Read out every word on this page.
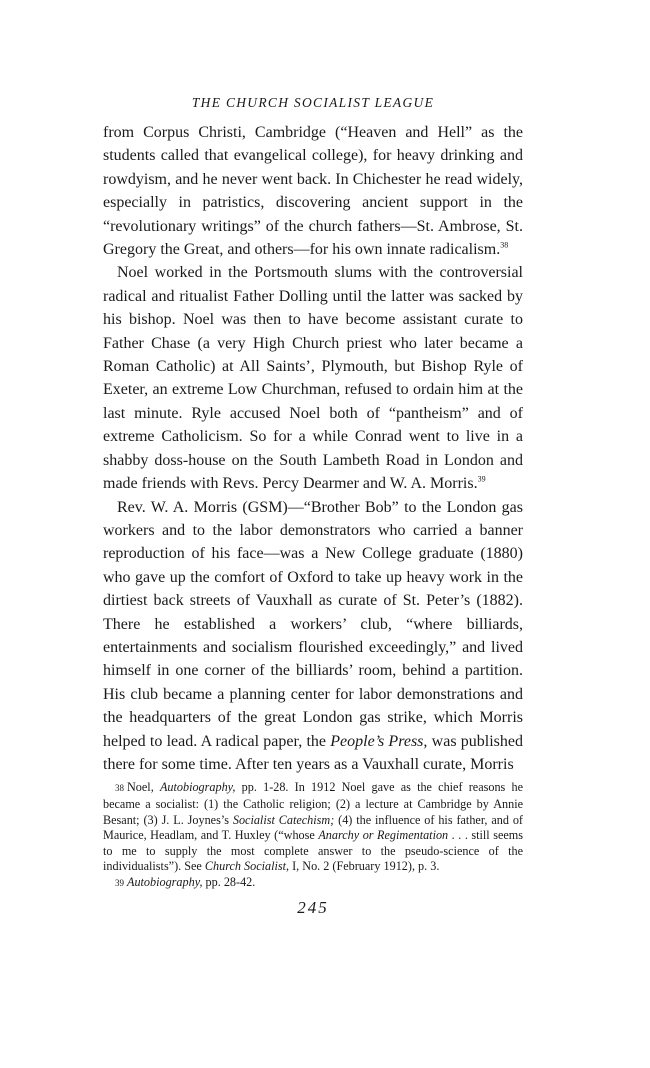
THE CHURCH SOCIALIST LEAGUE

from Corpus Christi, Cambridge (“Heaven and Hell” as the students called that evangelical college), for heavy drinking and rowdyism, and he never went back. In Chichester he read widely, especially in patristics, discovering ancient support in the “revolutionary writings” of the church fathers—St. Ambrose, St. Gregory the Great, and others—for his own innate radicalism.$^{38}$

Noel worked in the Portsmouth slums with the controversial radical and ritualist Father Dolling until the latter was sacked by his bishop. Noel was then to have become assistant curate to Father Chase (a very High Church priest who later became a Roman Catholic) at All Saints’, Plymouth, but Bishop Ryle of Exeter, an extreme Low Churchman, refused to ordain him at the last minute. Ryle accused Noel both of “pantheism” and of extreme Catholicism. So for a while Conrad went to live in a shabby doss-house on the South Lambeth Road in London and made friends with Revs. Percy Dearmer and W. A. Morris.$^{39}$

Rev. W. A. Morris (GSM)—“Brother Bob” to the London gas workers and to the labor demonstrators who carried a banner reproduction of his face—was a New College graduate (1880) who gave up the comfort of Oxford to take up heavy work in the dirtiest back streets of Vauxhall as curate of St. Peter’s (1882). There he established a workers’ club, “where billiards, entertainments and socialism flourished exceedingly,” and lived himself in one corner of the billiards’ room, behind a partition. His club became a planning center for labor demonstrations and the headquarters of the great London gas strike, which Morris helped to lead. A radical paper, the People’s Press, was published there for some time. After ten years as a Vauxhall curate, Morris

38 Noel, Autobiography, pp. 1-28. In 1912 Noel gave as the chief reasons he became a socialist: (1) the Catholic religion; (2) a lecture at Cambridge by Annie Besant; (3) J. L. Joynes’s Socialist Catechism; (4) the influence of his father, and of Maurice, Headlam, and T. Huxley (“whose Anarchy or Regimentation . . . still seems to me to supply the most complete answer to the pseudo-science of the individualists”). See Church Socialist, I, No. 2 (February 1912), p. 3.

39 Autobiography, pp. 28-42.

245
